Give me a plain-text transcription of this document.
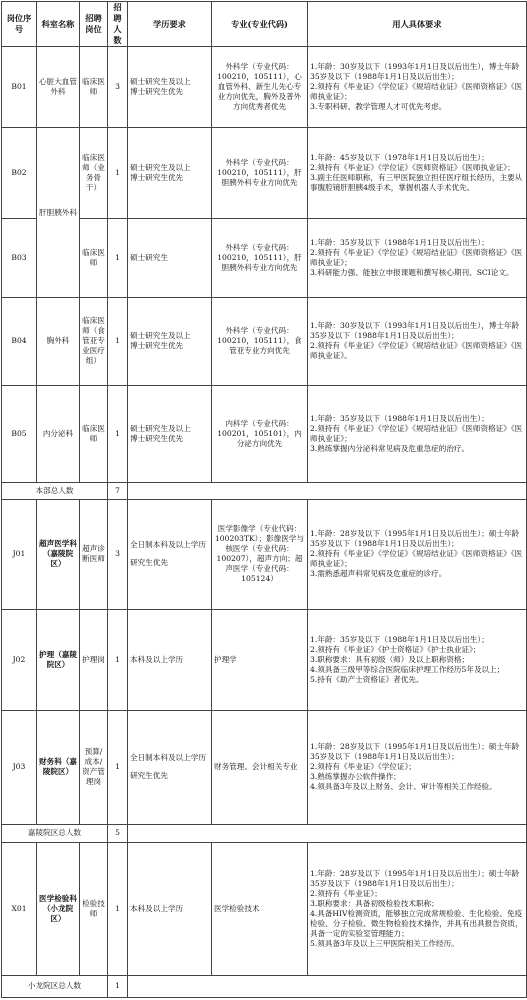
岗位序号	科室名称	招聘岗位	招聘人数	学历要求	专业(专业代码)	用人具体要求
B01	心脏大血管外科	临床医师	3	硕士研究生及以上
博士研究生优先	外科学（专业代码：100210，105111），心血管外科、新生儿先心专业方向优先，胸外及普外方向优秀者优先	1.年龄：30岁及以下（1993年1月1日及以后出生），博士年龄35岁及以下（1988年1月1日及以后出生）；
2.须持有《毕业证》《学位证》《规培结业证》《医师资格证》《医师执业证》；
3.专职科研、教学管理人才可优先考虑。

B02	肝胆胰外科	临床医师（业务骨干）	1	硕士研究生及以上
博士研究生优先	外科学（专业代码：100210，105111），肝胆胰外科专业方向优先	1.年龄：45岁及以下（1978年1月1日及以后出生）；
2.须持有《毕业证》《学位证》《医师资格证》《医师执业证》；
3.副主任医师职称，有三甲医院独立担任医疗组长经历，主要从事腹腔镜肝胆胰4级手术，掌握机器人手术优先。

B03		临床医师	1	硕士研究生	外科学（专业代码：100210，105111），肝胆胰外科专业方向优先	1.年龄：35岁及以下（1988年1月1日及以后出生）；
2.须持有《毕业证》《学位证》《规培结业证》《医师资格证》《医师执业证》；
3.科研能力强、能独立申报课题和撰写核心期刊、SCI论文。

B04	胸外科	临床医师（食管亚专业医疗组）	1	硕士研究生及以上
博士研究生优先	外科学（专业代码：100210，105111），食管亚专业方向优先	1.年龄：30岁及以下（1993年1月1日及以后出生），博士年龄35岁及以下（1988年1月1日及以后出生）；
2.须持有《毕业证》《学位证》《规培结业证》《医师资格证》《医师执业证》。

B05	内分泌科	临床医师	1	硕士研究生及以上
博士研究生优先	内科学（专业代码：100201，105101），内分泌方向优先	1.年龄：35岁及以下（1988年1月1日及以后出生）；
2.须持有《毕业证》《学位证》《规培结业证》《医师资格证》《医师执业证》；
3.熟练掌握内分泌科常见病及危重急症的治疗。

本部总人数			7			
J01	超声医学科（嘉陵院区）	超声诊断医师	3	全日制本科及以上学历
研究生优先	医学影像学（专业代码：100203TK）；影像医学与核医学（专业代码：100207），超声方向；超声医学（专业代码：105124）	1.年龄：28岁及以下（1995年1月1日及以后出生）；硕士年龄35岁及以下（1988年1月1日及以后出生）；
2.须持有《毕业证》《学位证》《规培结业证》《医师资格证》《医师执业证》；
3.需熟悉超声科常见病及危重症的诊疗。

J02	护理（嘉陵院区）	护理岗	1	本科及以上学历	护理学	1.年龄：35岁及以下（1988年1月1日及以后出生）；
2.须持有《毕业证》《护士资格证》《护士执业证》；
3.职称要求：具有初级（师）及以上职称资格；
4.须具备三级甲等综合医院临床护理工作经历5年及以上；
5.持有《助产士资格证》者优先。

J03	财务科（嘉陵院区）	预算/成本/资产管理岗	1	全日制本科及以上学历
研究生优先	财务管理、会计相关专业	1.年龄：28岁及以下（1995年1月1日及以后出生）；硕士年龄35岁及以下（1988年1月1日及以后出生）；
2.须持有《毕业证》《学位证》；
3.熟练掌握办公软件操作；
4.须具备3年及以上财务、会计、审计等相关工作经验。

嘉陵院区总人数			5			
X01	医学检验科（小龙院区）	检验技师	1	本科及以上学历	医学检验技术	1.年龄：28岁及以下（1995年1月1日及以后出生）；硕士年龄35岁及以下（1988年1月1日及以后出生）；
2.须持有《毕业证》；
3.职称要求：具备初级检验技术职称；
4.具备HIV检测资质，能够独立完成常规检验、生化检验、免疫检验、分子检验、微生物检验技术操作，并具有出具报告资质，具备一定的实验室管理能力；
5.须具备3年及以上三甲医院相关工作经历。

小龙院区总人数			1			
